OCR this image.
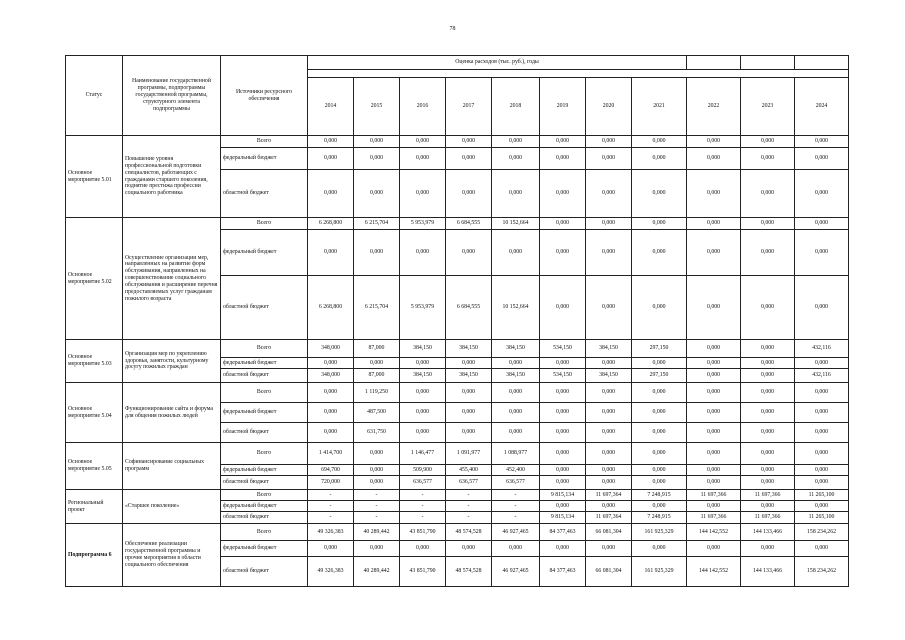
78
Статус	Наименование государственной программы, подпрограммы государственной программы, структурного элемента подпрограммы	Источники ресурсного обеспечения	Оценка расходов (тыс. руб.), годы										

			2014	2015	2016	2017	2018	2019	2020	2021	2022	2023	2024
Основное мероприятие 5.01	Повышение уровня профессиональной подготовки специалистов, работающих с гражданами старшего поколения, поднятие престижа профессии социального работника	Всего	0,000	0,000	0,000	0,000	0,000	0,000	0,000	0,000	0,000	0,000	0,000
		федеральный бюджет	0,000	0,000	0,000	0,000	0,000	0,000	0,000	0,000	0,000	0,000	0,000
		областной бюджет	0,000	0,000	0,000	0,000	0,000	0,000	0,000	0,000	0,000	0,000	0,000
Основное мероприятие 5.02	Осуществление организации мер, направленных на развитие форм обслуживания, направленных на совершенствование социального обслуживания и расширение перечня предоставляемых услуг гражданам пожилого возраста	Всего	6 268,800	6 215,704	5 953,979	6 684,555	10 152,664	0,000	0,000	0,000	0,000	0,000	0,000
		федеральный бюджет	0,000	0,000	0,000	0,000	0,000	0,000	0,000	0,000	0,000	0,000	0,000
		областной бюджет	6 268,800	6 215,704	5 953,979	6 684,555	10 152,664	0,000	0,000	0,000	0,000	0,000	0,000
Основное мероприятие 5.03	Организация мер по укреплению здоровья, занятости, культурному досугу пожилых граждан	Всего	348,000	87,000	384,150	384,150	384,150	534,150	384,150	297,150	0,000	0,000	432,116
		федеральный бюджет	0,000	0,000	0,000	0,000	0,000	0,000	0,000	0,000	0,000	0,000	0,000
		областной бюджет	348,000	87,000	384,150	384,150	384,150	534,150	384,150	297,150	0,000	0,000	432,116
Основное мероприятие 5.04	Функционирование сайта и форума для общения пожилых людей	Всего	0,000	1 119,250	0,000	0,000	0,000	0,000	0,000	0,000	0,000	0,000	0,000
		федеральный бюджет	0,000	487,500	0,000	0,000	0,000	0,000	0,000	0,000	0,000	0,000	0,000
		областной бюджет	0,000	631,750	0,000	0,000	0,000	0,000	0,000	0,000	0,000	0,000	0,000
Основное мероприятие 5.05	Софинансирование социальных программ	Всего	1 414,700	0,000	1 146,477	1 091,977	1 088,977	0,000	0,000	0,000	0,000	0,000	0,000
		федеральный бюджет	694,700	0,000	509,900	455,400	452,400	0,000	0,000	0,000	0,000	0,000	0,000
		областной бюджет	720,000	0,000	636,577	636,577	636,577	0,000	0,000	0,000	0,000	0,000	0,000
Региональный проект	«Старшее поколение»	Всего	-	-	-	-	-	9 815,134	11 697,364	7 248,915	11 697,366	11 697,366	11 265,100
		федеральный бюджет	-	-	-	-	-	0,000	0,000	0,000	0,000	0,000	0,000
		областной бюджет	-	-	-	-	-	9 815,134	11 697,364	7 248,915	11 697,366	11 697,366	11 265,100
Подпрограмма 6	Обеспечение реализации государственной программы и прочие мероприятия в области социального обеспечения	Всего	49 326,383	40 289,442	43 851,790	48 574,528	46 927,465	84 377,463	66 081,304	161 925,329	144 142,552	144 133,466	158 234,262
		федеральный бюджет	0,000	0,000	0,000	0,000	0,000	0,000	0,000	0,000	0,000	0,000	0,000
		областной бюджет	49 326,383	40 289,442	43 851,790	48 574,528	46 927,465	84 377,463	66 081,304	161 925,329	144 142,552	144 133,466	158 234,262
